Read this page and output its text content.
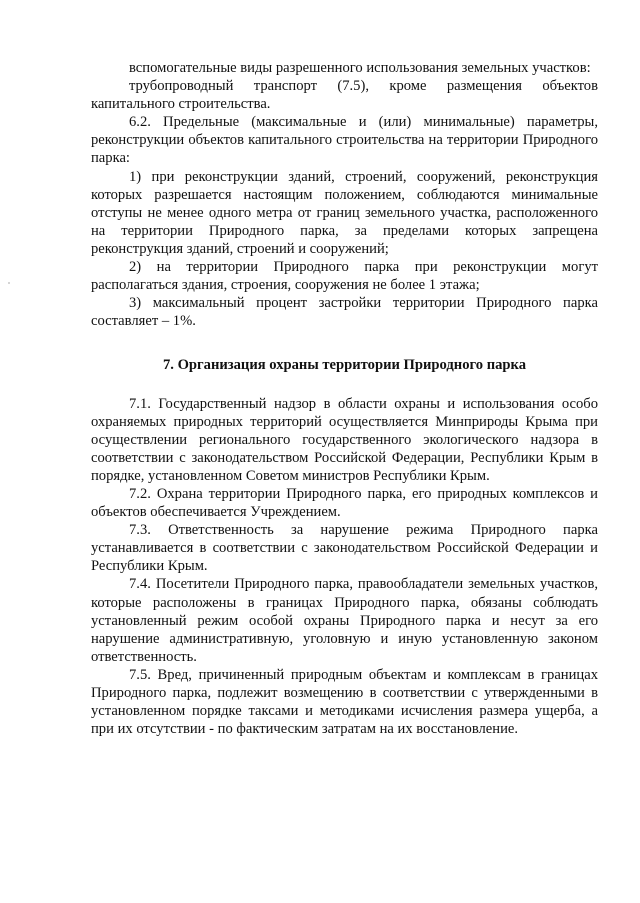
вспомогательные виды разрешенного использования земельных участков:

трубопроводный транспорт (7.5), кроме размещения объектов капитального строительства.

6.2. Предельные (максимальные и (или) минимальные) параметры, реконструкции объектов капитального строительства на территории Природного парка:

1) при реконструкции зданий, строений, сооружений, реконструкция которых разрешается настоящим положением, соблюдаются минимальные отступы не менее одного метра от границ земельного участка, расположенного на территории Природного парка, за пределами которых запрещена реконструкция зданий, строений и сооружений;

2) на территории Природного парка при реконструкции могут располагаться здания, строения, сооружения не более 1 этажа;

3) максимальный процент застройки территории Природного парка составляет – 1%.

7. Организация охраны территории Природного парка

7.1. Государственный надзор в области охраны и использования особо охраняемых природных территорий осуществляется Минприроды Крыма при осуществлении регионального государственного экологического надзора в соответствии с законодательством Российской Федерации, Республики Крым в порядке, установленном Советом министров Республики Крым.

7.2. Охрана территории Природного парка, его природных комплексов и объектов обеспечивается Учреждением.

7.3. Ответственность за нарушение режима Природного парка устанавливается в соответствии с законодательством Российской Федерации и Республики Крым.

7.4. Посетители Природного парка, правообладатели земельных участков, которые расположены в границах Природного парка, обязаны соблюдать установленный режим особой охраны Природного парка и несут за его нарушение административную, уголовную и иную установленную законом ответственность.

7.5. Вред, причиненный природным объектам и комплексам в границах Природного парка, подлежит возмещению в соответствии с утвержденными в установленном порядке таксами и методиками исчисления размера ущерба, а при их отсутствии - по фактическим затратам на их восстановление.
